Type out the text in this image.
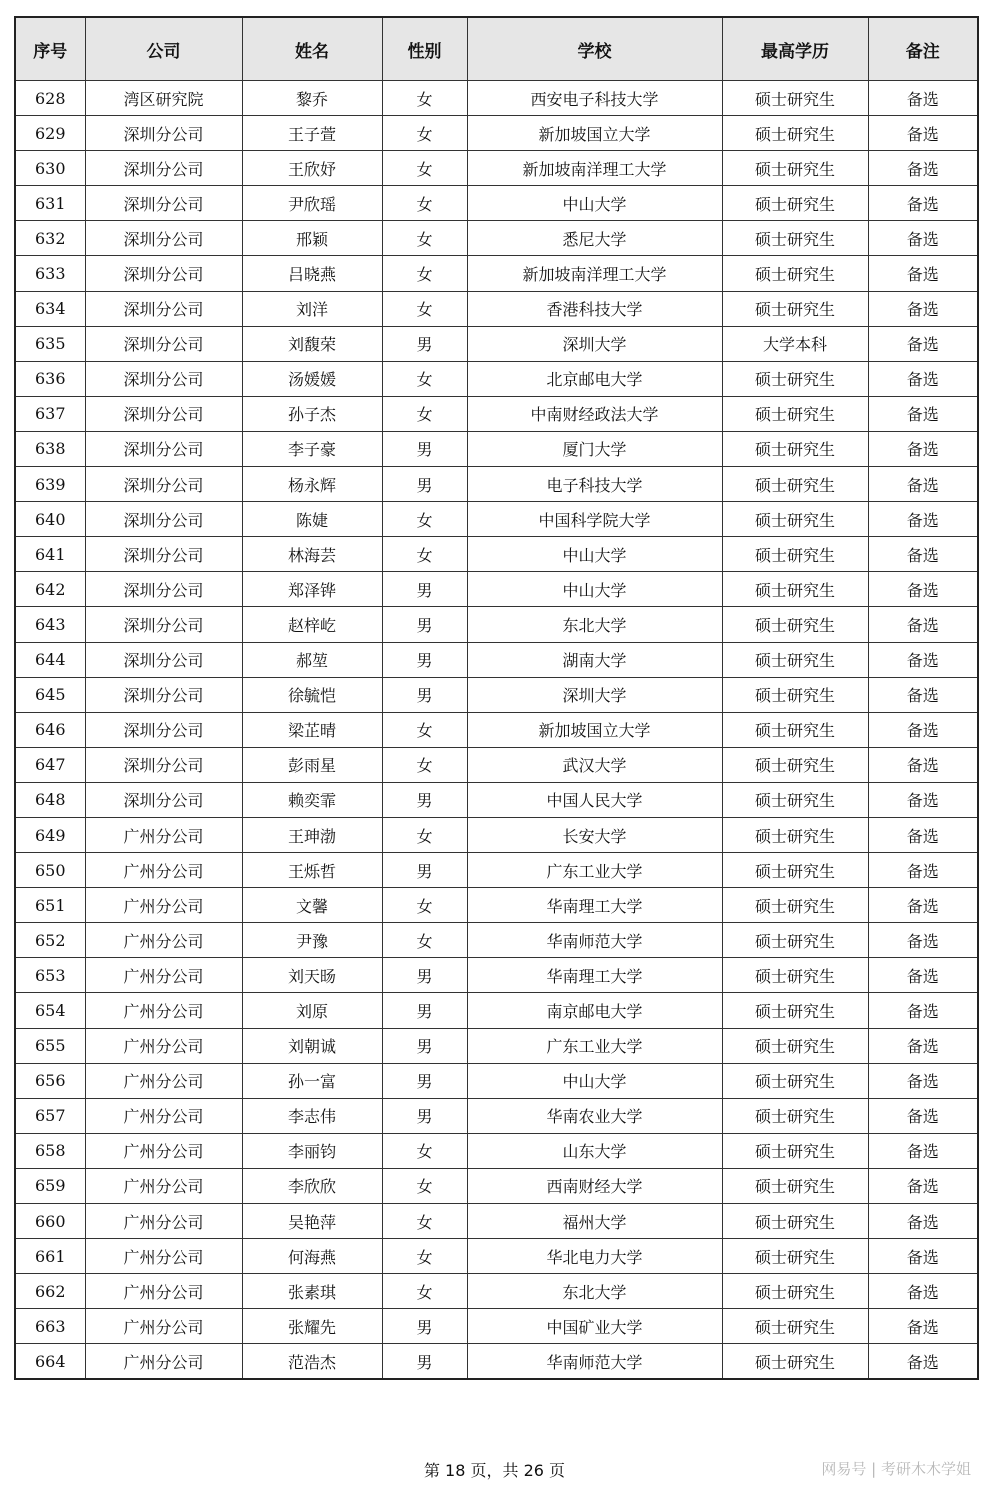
序号	公司	姓名	性别	学校	最高学历	备注
628	湾区研究院	黎乔	女	西安电子科技大学	硕士研究生	备选
629	深圳分公司	王子萱	女	新加坡国立大学	硕士研究生	备选
630	深圳分公司	王欣妤	女	新加坡南洋理工大学	硕士研究生	备选
631	深圳分公司	尹欣瑶	女	中山大学	硕士研究生	备选
632	深圳分公司	邢颖	女	悉尼大学	硕士研究生	备选
633	深圳分公司	吕晓燕	女	新加坡南洋理工大学	硕士研究生	备选
634	深圳分公司	刘洋	女	香港科技大学	硕士研究生	备选
635	深圳分公司	刘馥荣	男	深圳大学	大学本科	备选
636	深圳分公司	汤媛媛	女	北京邮电大学	硕士研究生	备选
637	深圳分公司	孙子杰	女	中南财经政法大学	硕士研究生	备选
638	深圳分公司	李子豪	男	厦门大学	硕士研究生	备选
639	深圳分公司	杨永辉	男	电子科技大学	硕士研究生	备选
640	深圳分公司	陈婕	女	中国科学院大学	硕士研究生	备选
641	深圳分公司	林海芸	女	中山大学	硕士研究生	备选
642	深圳分公司	郑泽铧	男	中山大学	硕士研究生	备选
643	深圳分公司	赵梓屹	男	东北大学	硕士研究生	备选
644	深圳分公司	郝堃	男	湖南大学	硕士研究生	备选
645	深圳分公司	徐毓恺	男	深圳大学	硕士研究生	备选
646	深圳分公司	梁芷晴	女	新加坡国立大学	硕士研究生	备选
647	深圳分公司	彭雨星	女	武汉大学	硕士研究生	备选
648	深圳分公司	赖奕霏	男	中国人民大学	硕士研究生	备选
649	广州分公司	王珅渤	女	长安大学	硕士研究生	备选
650	广州分公司	王烁哲	男	广东工业大学	硕士研究生	备选
651	广州分公司	文馨	女	华南理工大学	硕士研究生	备选
652	广州分公司	尹豫	女	华南师范大学	硕士研究生	备选
653	广州分公司	刘天旸	男	华南理工大学	硕士研究生	备选
654	广州分公司	刘原	男	南京邮电大学	硕士研究生	备选
655	广州分公司	刘朝诚	男	广东工业大学	硕士研究生	备选
656	广州分公司	孙一富	男	中山大学	硕士研究生	备选
657	广州分公司	李志伟	男	华南农业大学	硕士研究生	备选
658	广州分公司	李丽钧	女	山东大学	硕士研究生	备选
659	广州分公司	李欣欣	女	西南财经大学	硕士研究生	备选
660	广州分公司	吴艳萍	女	福州大学	硕士研究生	备选
661	广州分公司	何海燕	女	华北电力大学	硕士研究生	备选
662	广州分公司	张素琪	女	东北大学	硕士研究生	备选
663	广州分公司	张耀先	男	中国矿业大学	硕士研究生	备选
664	广州分公司	范浩杰	男	华南师范大学	硕士研究生	备选
第 18 页，共 26 页	网易号 | 考研木木学姐
